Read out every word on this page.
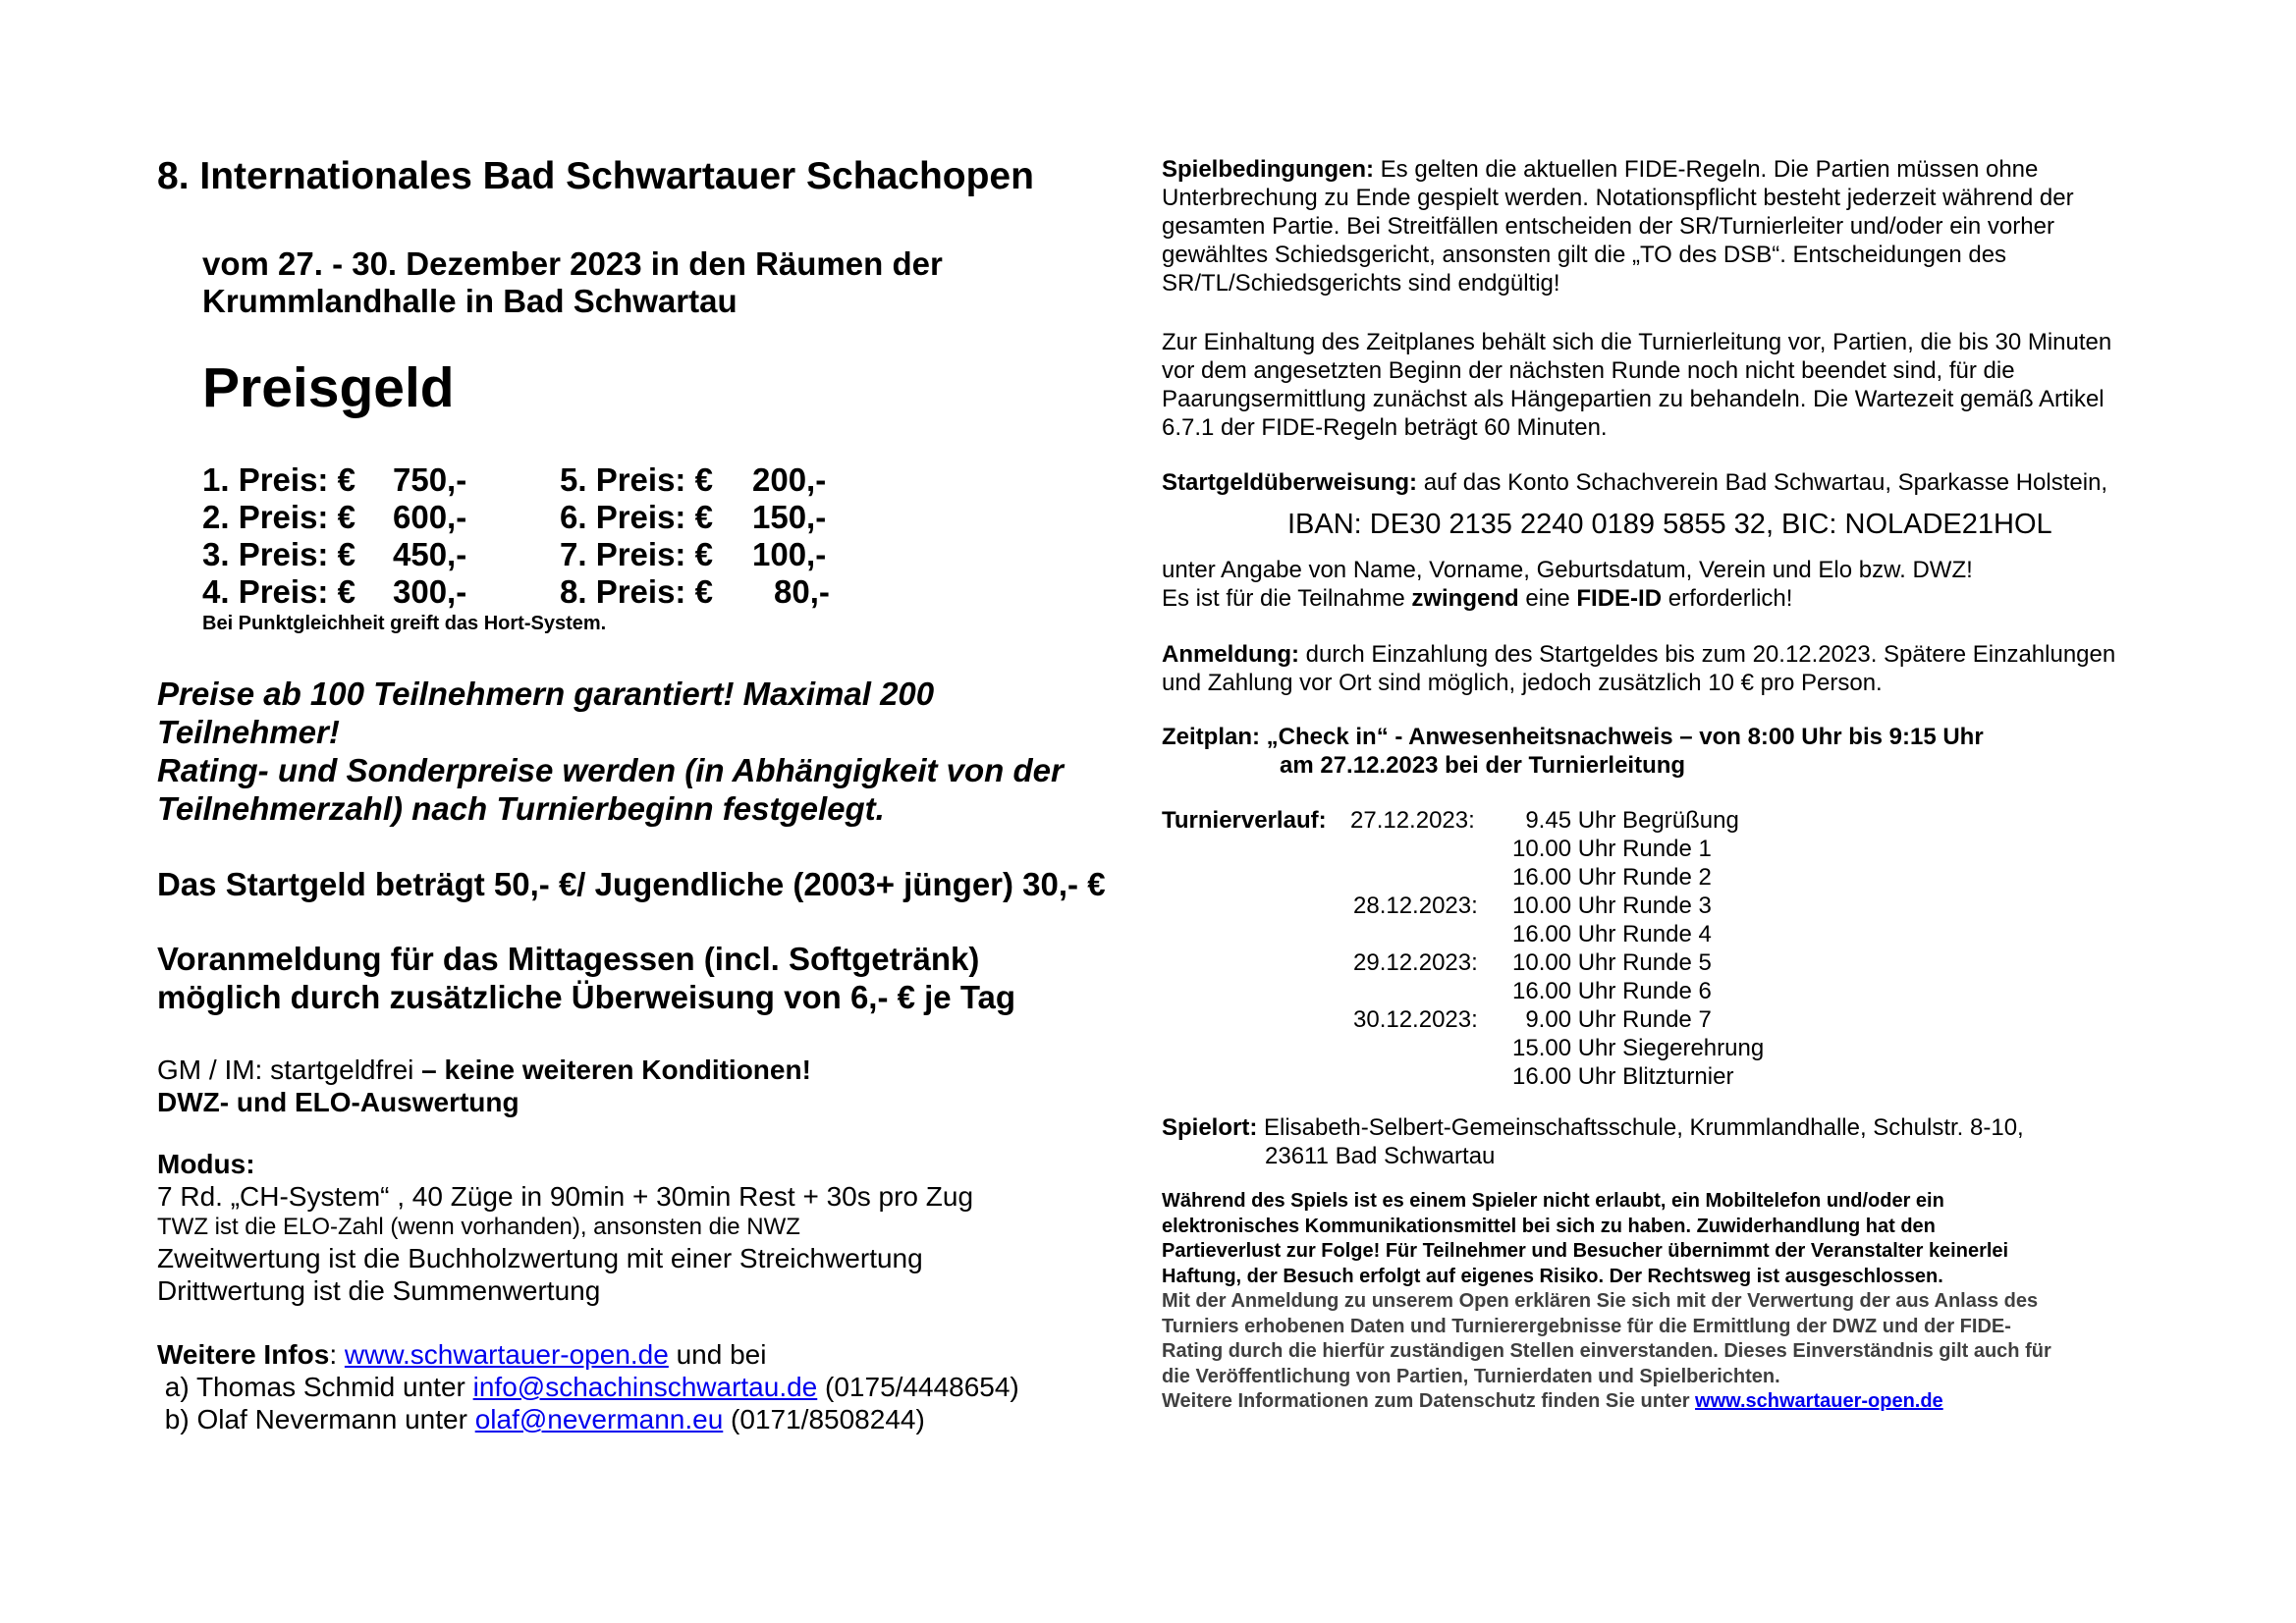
8. Internationales Bad Schwartauer Schachopen
vom 27. - 30. Dezember 2023 in den Räumen der
Krummlandhalle in Bad Schwartau
Preisgeld
1. Preis: € 750,-	5. Preis: € 200,-
2. Preis: € 600,-	6. Preis: € 150,-
3. Preis: € 450,-	7. Preis: € 100,-
4. Preis: € 300,-	8. Preis: € 80,-
Bei Punktgleichheit greift das Hort-System.
Preise ab 100 Teilnehmern garantiert! Maximal 200
Teilnehmer!
Rating- und Sonderpreise werden (in Abhängigkeit von der
Teilnehmerzahl) nach Turnierbeginn festgelegt.
Das Startgeld beträgt 50,- €/ Jugendliche (2003+ jünger) 30,- €
Voranmeldung für das Mittagessen (incl. Softgetränk)
möglich durch zusätzliche Überweisung von 6,- € je Tag
GM / IM: startgeldfrei – keine weiteren Konditionen!
DWZ- und ELO-Auswertung
Modus:
7 Rd. „CH-System“ , 40 Züge in 90min + 30min Rest + 30s pro Zug
TWZ ist die ELO-Zahl (wenn vorhanden), ansonsten die NWZ
Zweitwertung ist die Buchholzwertung mit einer Streichwertung
Drittwertung ist die Summenwertung
Weitere Infos: www.schwartauer-open.de und bei
a) Thomas Schmid unter info@schachinschwartau.de (0175/4448654)
b) Olaf Nevermann unter olaf@nevermann.eu (0171/8508244)
Spielbedingungen: Es gelten die aktuellen FIDE-Regeln. Die Partien müssen ohne
Unterbrechung zu Ende gespielt werden. Notationspflicht besteht jederzeit während der
gesamten Partie. Bei Streitfällen entscheiden der SR/Turnierleiter und/oder ein vorher
gewähltes Schiedsgericht, ansonsten gilt die „TO des DSB“. Entscheidungen des
SR/TL/Schiedsgerichts sind endgültig!
Zur Einhaltung des Zeitplanes behält sich die Turnierleitung vor, Partien, die bis 30 Minuten
vor dem angesetzten Beginn der nächsten Runde noch nicht beendet sind, für die
Paarungsermittlung zunächst als Hängepartien zu behandeln. Die Wartezeit gemäß Artikel
6.7.1 der FIDE-Regeln beträgt 60 Minuten.
Startgeldüberweisung: auf das Konto Schachverein Bad Schwartau, Sparkasse Holstein,
IBAN: DE30 2135 2240 0189 5855 32, BIC: NOLADE21HOL
unter Angabe von Name, Vorname, Geburtsdatum, Verein und Elo bzw. DWZ!
Es ist für die Teilnahme zwingend eine FIDE-ID erforderlich!
Anmeldung: durch Einzahlung des Startgeldes bis zum 20.12.2023. Spätere Einzahlungen
und Zahlung vor Ort sind möglich, jedoch zusätzlich 10 € pro Person.
Zeitplan: „Check in“ - Anwesenheitsnachweis – von 8:00 Uhr bis 9:15 Uhr
am 27.12.2023 bei der Turnierleitung
Turnierverlauf: 27.12.2023: 9.45 Uhr Begrüßung
10.00 Uhr Runde 1
16.00 Uhr Runde 2
28.12.2023: 10.00 Uhr Runde 3
16.00 Uhr Runde 4
29.12.2023: 10.00 Uhr Runde 5
16.00 Uhr Runde 6
30.12.2023: 9.00 Uhr Runde 7
15.00 Uhr Siegerehrung
16.00 Uhr Blitzturnier
Spielort: Elisabeth-Selbert-Gemeinschaftsschule, Krummlandhalle, Schulstr. 8-10,
23611 Bad Schwartau
Während des Spiels ist es einem Spieler nicht erlaubt, ein Mobiltelefon und/oder ein
elektronisches Kommunikationsmittel bei sich zu haben. Zuwiderhandlung hat den
Partieverlust zur Folge! Für Teilnehmer und Besucher übernimmt der Veranstalter keinerlei
Haftung, der Besuch erfolgt auf eigenes Risiko. Der Rechtsweg ist ausgeschlossen.
Mit der Anmeldung zu unserem Open erklären Sie sich mit der Verwertung der aus Anlass des
Turniers erhobenen Daten und Turnierergebnisse für die Ermittlung der DWZ und der FIDE-
Rating durch die hierfür zuständigen Stellen einverstanden. Dieses Einverständnis gilt auch für
die Veröffentlichung von Partien, Turnierdaten und Spielberichten.
Weitere Informationen zum Datenschutz finden Sie unter www.schwartauer-open.de
